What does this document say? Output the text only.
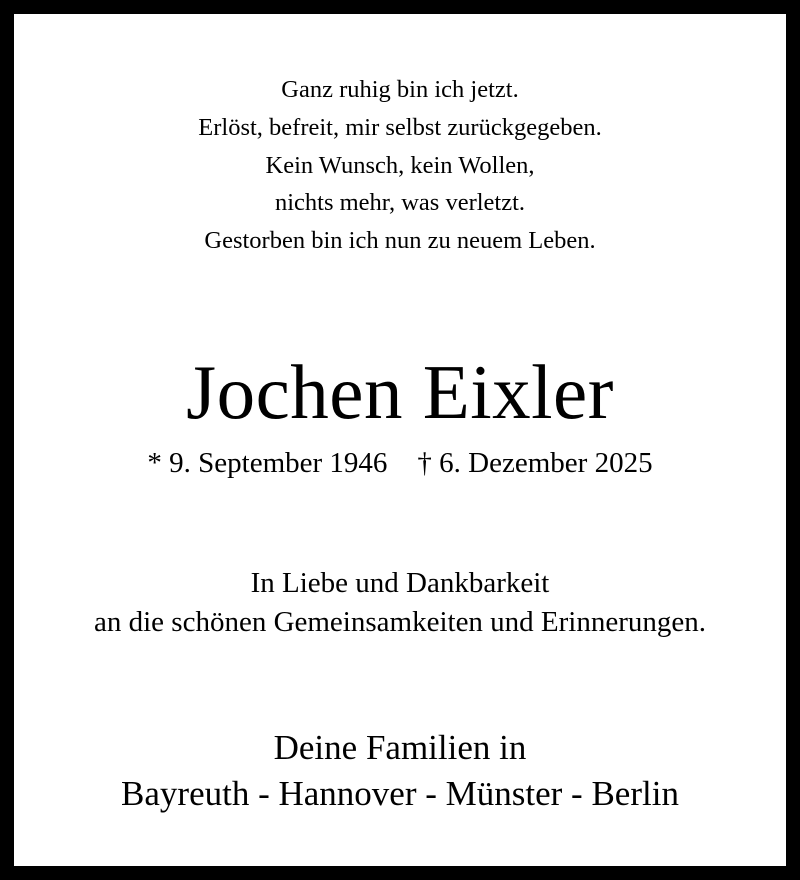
Ganz ruhig bin ich jetzt.
Erlöst, befreit, mir selbst zurückgegeben.
Kein Wunsch, kein Wollen,
nichts mehr, was verletzt.
Gestorben bin ich nun zu neuem Leben.
Jochen Eixler
* 9. September 1946 † 6. Dezember 2025
In Liebe und Dankbarkeit
an die schönen Gemeinsamkeiten und Erinnerungen.
Deine Familien in
Bayreuth - Hannover - Münster - Berlin
